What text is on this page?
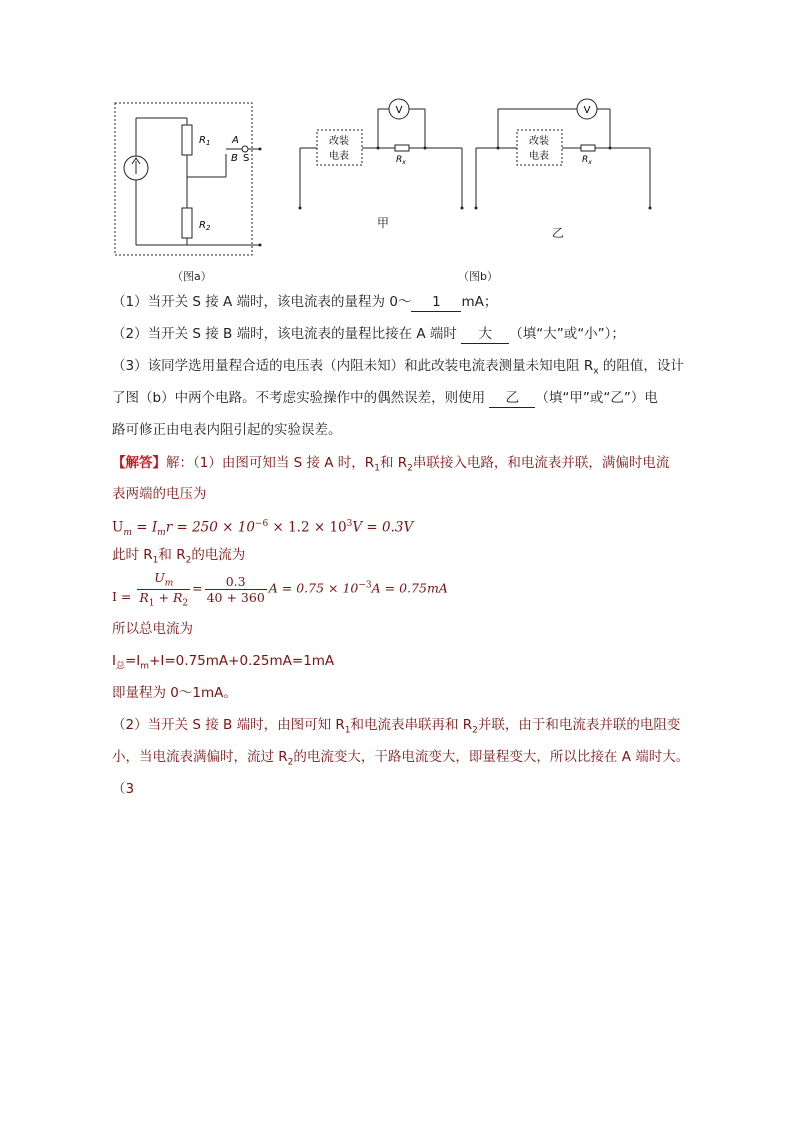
$R_1$
$R_2$
A
B S
（图a）
改装
电表
V
$R_x$
甲
V
改装
电表	$R_x$
乙
（图b）
（1）当开关 S 接 A 端时，该电流表的量程为 0～ 1 mA；
（2）当开关 S 接 B 端时，该电流表的量程比接在 A 端时 大 （填“大”或“小”）；
（3）该同学选用量程合适的电压表（内阻未知）和此改装电流表测量未知电阻 $R_x$ 的阻值，设计
了图（b）中两个电路。不考虑实验操作中的偶然误差，则使用 乙 （填“甲”或“乙”）电
路可修正由电表内阻引起的实验误差。
【解答】解：（1）由图可知当 S 接 A 时，$R_1$和 $R_2$串联接入电路，和电流表并联，满偏时电流
表两端的电压为
$U_m = I_mr = 250 \times 10^{-6} \times 1.2 \times 10^3V = 0.3V$
此时 $R_1$和 $R_2$的电流为
$I = \frac{U_m}{R_1 + R_2} = \frac{0.3}{40 + 360}$ $A = 0.75 \times 10^{-3}A = 0.75mA$
所以总电流为
$I_总=I_m+I=0.75mA+0.25mA=1mA$
即量程为 0～1mA。
（2）当开关 S 接 B 端时，由图可知 $R_1$和电流表串联再和 $R_2$并联，由于和电流表并联的电阻变
小，当电流表满偏时，流过 $R_2$的电流变大，干路电流变大，即量程变大，所以比接在 A 端时大。
（3
